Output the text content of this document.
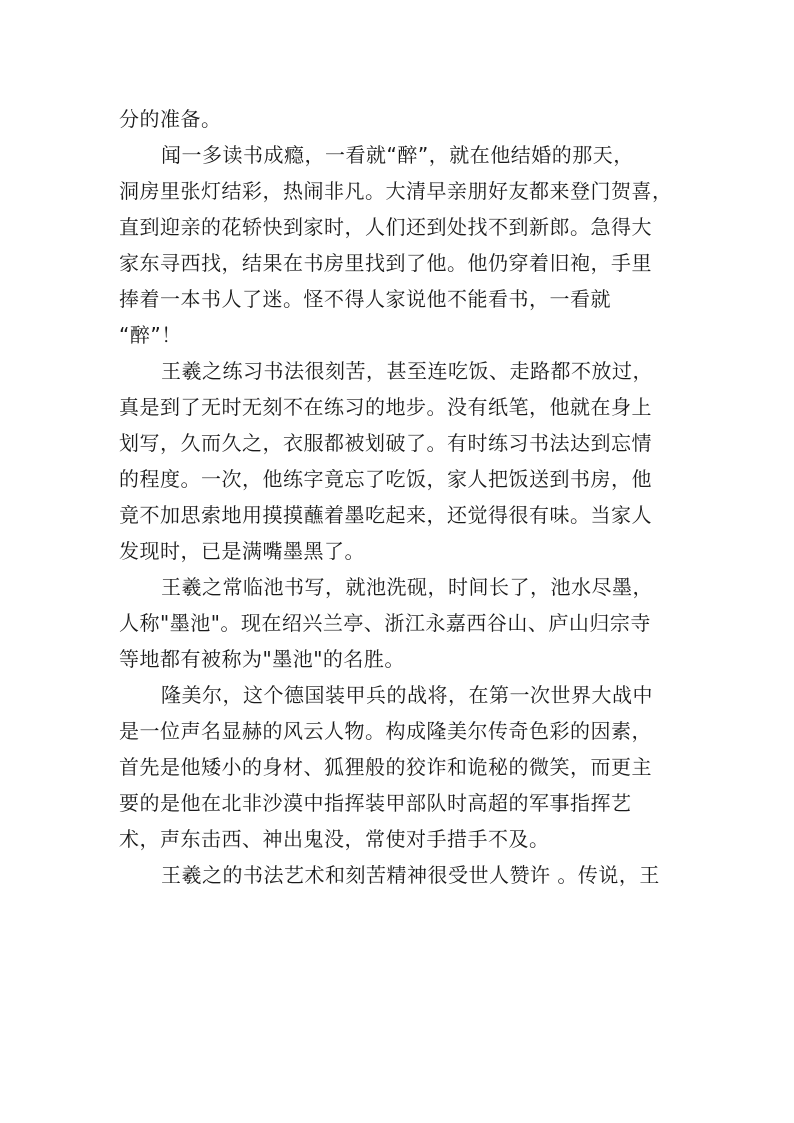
分的准备。
闻一多读书成瘾，一看就“醉”，就在他结婚的那天，
洞房里张灯结彩，热闹非凡。大清早亲朋好友都来登门贺喜，
直到迎亲的花轿快到家时，人们还到处找不到新郎。急得大
家东寻西找，结果在书房里找到了他。他仍穿着旧袍，手里
捧着一本书人了迷。怪不得人家说他不能看书，一看就
“醉”！
王羲之练习书法很刻苦，甚至连吃饭、走路都不放过，
真是到了无时无刻不在练习的地步。没有纸笔，他就在身上
划写，久而久之，衣服都被划破了。有时练习书法达到忘情
的程度。一次，他练字竟忘了吃饭，家人把饭送到书房，他
竟不加思索地用摸摸蘸着墨吃起来，还觉得很有味。当家人
发现时，已是满嘴墨黑了。
王羲之常临池书写，就池洗砚，时间长了，池水尽墨，
人称"墨池"。现在绍兴兰亭、浙江永嘉西谷山、庐山归宗寺
等地都有被称为"墨池"的名胜。
隆美尔，这个德国装甲兵的战将，在第一次世界大战中
是一位声名显赫的风云人物。构成隆美尔传奇色彩的因素，
首先是他矮小的身材、狐狸般的狡诈和诡秘的微笑，而更主
要的是他在北非沙漠中指挥装甲部队时高超的军事指挥艺
术，声东击西、神出鬼没，常使对手措手不及。
王羲之的书法艺术和刻苦精神很受世人赞许 。传说，王
